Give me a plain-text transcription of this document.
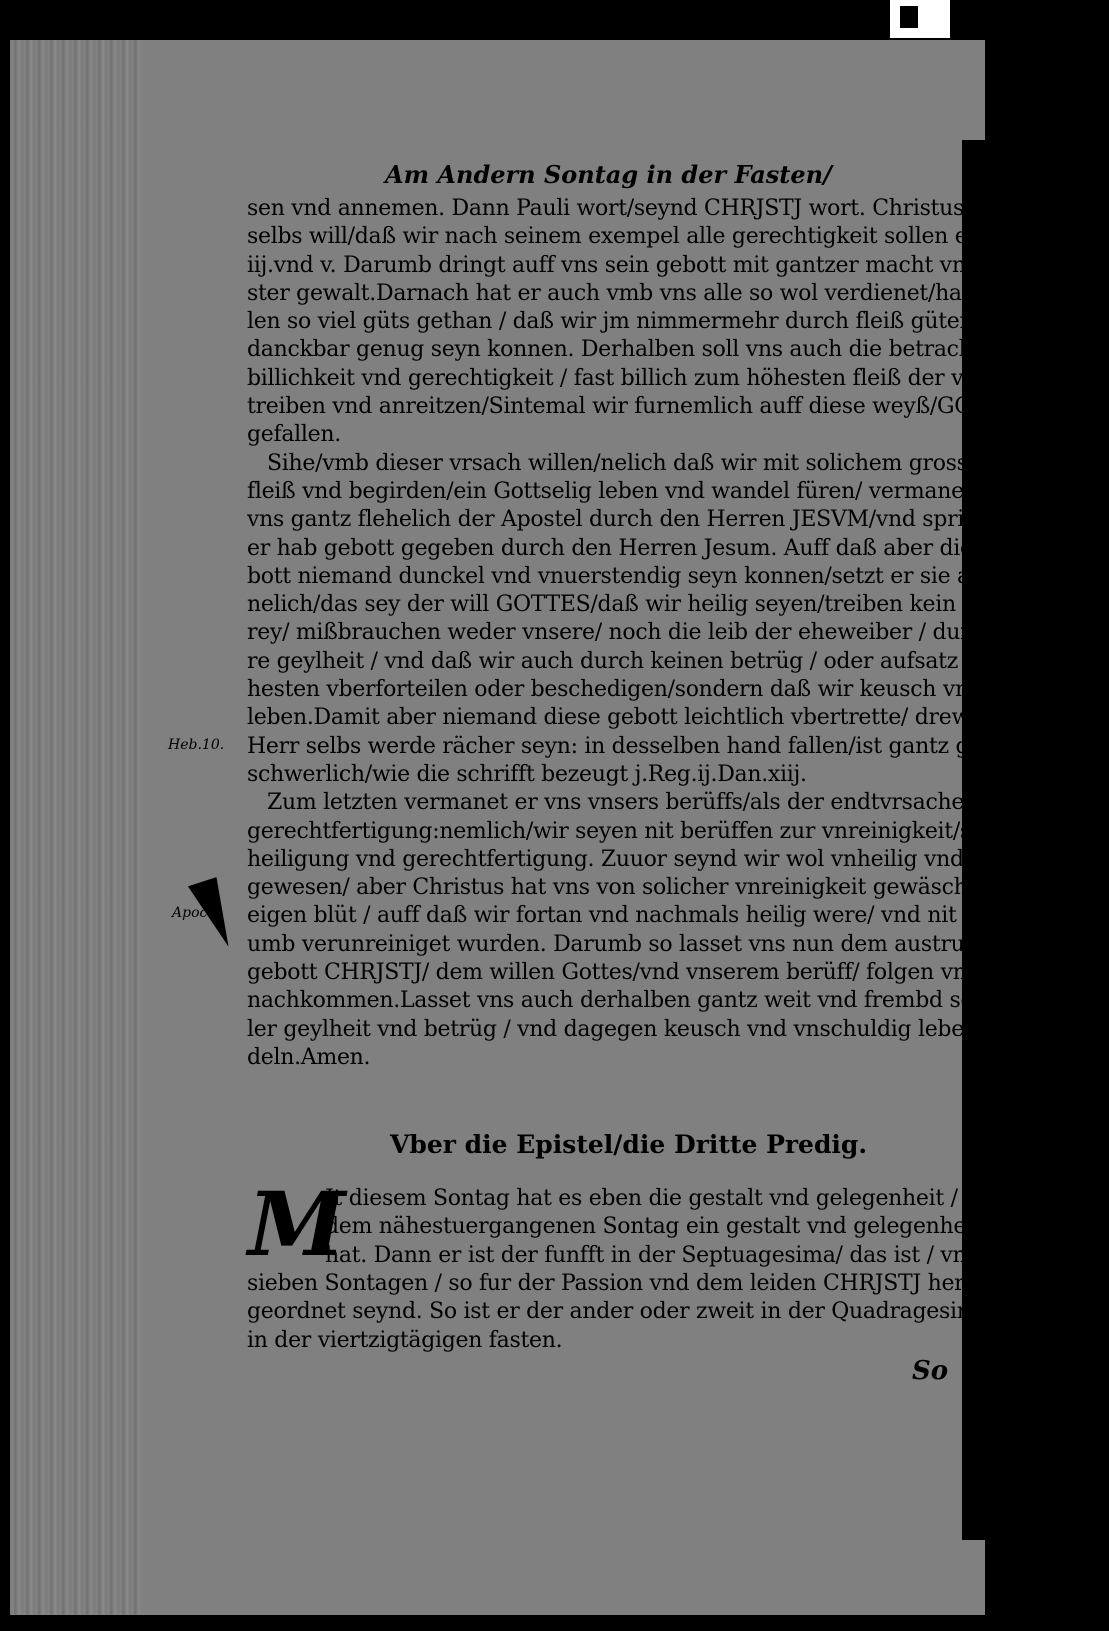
Am Andern Sontag in der Fasten/
sen vnd annemen. Dann Pauli wort/seynd CHRJSTJ wort. Christus
selbs will/daß wir nach seinem exempel alle gerechtigkeit sollen erfülle/Matt.
iij.vnd v. Darumb dringt auff vns sein gebott mit gantzer macht vnd höhe-
ster gewalt.Darnach hat er auch vmb vns alle so wol verdienet/hat vns al-
len so viel güts gethan / daß wir jm nimmermehr durch fleiß güter werck/
danckbar genug seyn konnen. Derhalben soll vns auch die betrachtung der
billichkeit vnd gerechtigkeit / fast billich zum höhesten fleiß der vnschuld
treiben vnd anreitzen/Sintemal wir furnemlich auff diese weyß/GOTT
gefallen.
Sihe/vmb dieser vrsach willen/nelich daß wir mit solichem grossen brunst/
fleiß vnd begirden/ein Gottselig leben vnd wandel füren/ vermanet vnd bitt
vns gantz flehelich der Apostel durch den Herren JESVM/vnd spricht/
er hab gebott gegeben durch den Herren Jesum. Auff daß aber dieselben ge-
bott niemand dunckel vnd vnuerstendig seyn konnen/setzt er sie alsbald hinzu:
nelich/das sey der will GOTTES/daß wir heilig seyen/treiben kein hüre-
rey/ mißbrauchen weder vnsere/ noch die leib der eheweiber / durch vnsaube-
re geylheit / vnd daß wir auch durch keinen betrüg / oder aufsatz vnsern nä-
hesten vberforteilen oder beschedigen/sondern daß wir keusch vnd vnschuldig
leben.Damit aber niemand diese gebott leichtlich vbertrette/ drewet er / der
Herr selbs werde rächer seyn: in desselben hand fallen/ist gantz gefärlich vnd
schwerlich/wie die schrifft bezeugt j.Reg.ij.Dan.xiij.
Zum letzten vermanet er vns vnsers berüffs/als der endtvrsachen vnserer
gerechtfertigung:nemlich/wir seyen nit berüffen zur vnreinigkeit/sondern zur
heiligung vnd gerechtfertigung. Zuuor seynd wir wol vnheilig vnd vnrein
gewesen/ aber Christus hat vns von solicher vnreinigkeit gewäsche/ durch sein
eigen blüt / auff daß wir fortan vnd nachmals heilig were/ vnd nit widder-
umb verunreiniget wurden. Darumb so lasset vns nun dem austrucklichen
gebott CHRJSTJ/ dem willen Gottes/vnd vnserem berüff/ folgen vnd
nachkommen.Lasset vns auch derhalben gantz weit vnd frembd seyn von al-
ler geylheit vnd betrüg / vnd dagegen keusch vnd vnschuldig leben vnd wan-
deln.Amen.
Heb.10.
Apoc.i.
Vber die Epistel/die Dritte Predig.
M
Jt diesem Sontag hat es eben die gestalt vnd gelegenheit / wie es mit
dem nähestuergangenen Sontag ein gestalt vnd gelegenheit gehabt
hat. Dann er ist der funfft in der Septuagesima/ das ist / vnder den
sieben Sontagen / so fur der Passion vnd dem leiden CHRJSTJ her
geordnet seynd. So ist er der ander oder zweit in der Quadragesima/ das ist/
in der viertzigtägigen fasten.
So
